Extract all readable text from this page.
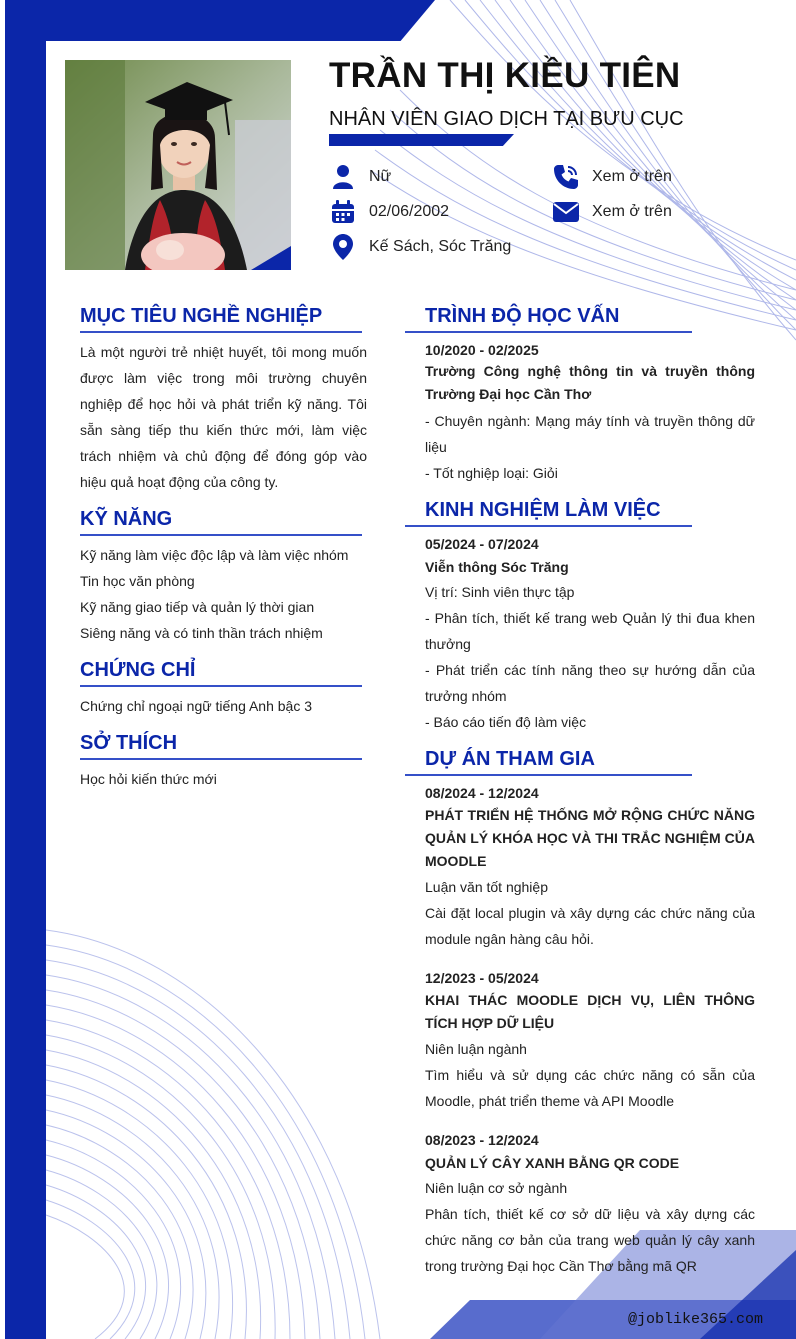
TRẦN THỊ KIỀU TIÊN
NHÂN VIÊN GIAO DỊCH TẠI BƯU CỤC
Nữ
02/06/2002
Kế Sách, Sóc Trăng
Xem ở trên
Xem ở trên
MỤC TIÊU NGHỀ NGHIỆP
Là một người trẻ nhiệt huyết, tôi mong muốn được làm việc trong môi trường chuyên nghiệp để học hỏi và phát triển kỹ năng. Tôi sẵn sàng tiếp thu kiến thức mới, làm việc trách nhiệm và chủ động để đóng góp vào hiệu quả hoạt động của công ty.
KỸ NĂNG
Kỹ năng làm việc độc lập và làm việc nhóm
Tin học văn phòng
Kỹ năng giao tiếp và quản lý thời gian
Siêng năng và có tinh thần trách nhiệm
CHỨNG CHỈ
Chứng chỉ ngoại ngữ tiếng Anh bậc 3
SỞ THÍCH
Học hỏi kiến thức mới
TRÌNH ĐỘ HỌC VẤN
10/2020 - 02/2025
Trường Công nghệ thông tin và truyền thông Trường Đại học Cần Thơ
- Chuyên ngành: Mạng máy tính và truyền thông dữ liệu
- Tốt nghiệp loại: Giỏi
KINH NGHIỆM LÀM VIỆC
05/2024 - 07/2024
Viễn thông Sóc Trăng
Vị trí: Sinh viên thực tập
- Phân tích, thiết kế trang web Quản lý thi đua khen thưởng
- Phát triển các tính năng theo sự hướng dẫn của trưởng nhóm
- Báo cáo tiến độ làm việc
DỰ ÁN THAM GIA
08/2024 - 12/2024
PHÁT TRIỂN HỆ THỐNG MỞ RỘNG CHỨC NĂNG QUẢN LÝ KHÓA HỌC VÀ THI TRẮC NGHIỆM CỦA MOODLE
Luận văn tốt nghiệp
Cài đặt local plugin và xây dựng các chức năng của module ngân hàng câu hỏi.
12/2023 - 05/2024
KHAI THÁC MOODLE DỊCH VỤ, LIÊN THÔNG TÍCH HỢP DỮ LIỆU
Niên luận ngành
Tìm hiểu và sử dụng các chức năng có sẵn của Moodle, phát triển theme và API Moodle
08/2023 - 12/2024
QUẢN LÝ CÂY XANH BẰNG QR CODE
Niên luận cơ sở ngành
Phân tích, thiết kế cơ sở dữ liệu và xây dựng các chức năng cơ bản của trang web quản lý cây xanh trong trường Đại học Cần Thơ bằng mã QR
@joblike365.com
